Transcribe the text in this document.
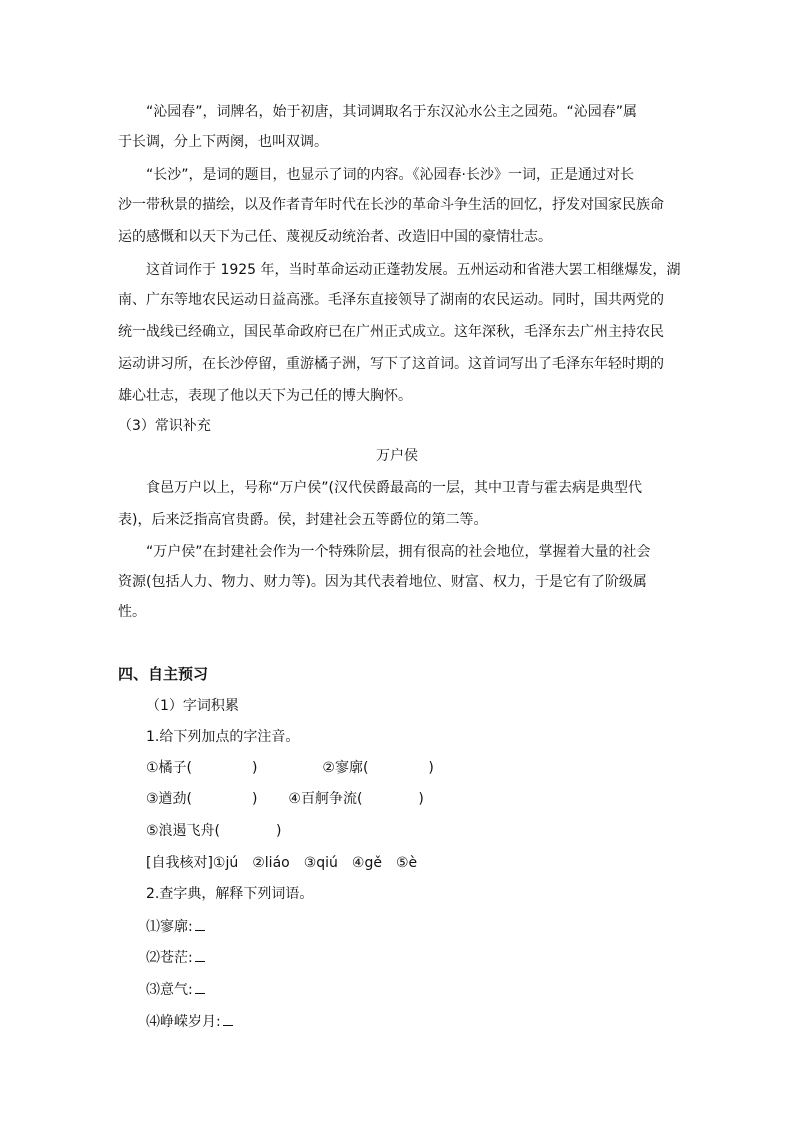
“沁园春”，词牌名，始于初唐，其词调取名于东汉沁水公主之园苑。“沁园春”属
于长调，分上下两阕，也叫双调。
“长沙”，是词的题目，也显示了词的内容。《沁园春·长沙》一词，正是通过对长
沙一带秋景的描绘，以及作者青年时代在长沙的革命斗争生活的回忆，抒发对国家民族命
运的感慨和以天下为己任、蔑视反动统治者、改造旧中国的豪情壮志。
这首词作于 1925 年，当时革命运动正蓬勃发展。五州运动和省港大罢工相继爆发，湖
南、广东等地农民运动日益高涨。毛泽东直接领导了湖南的农民运动。同时，国共两党的
统一战线已经确立，国民革命政府已在广州正式成立。这年深秋，毛泽东去广州主持农民
运动讲习所，在长沙停留，重游橘子洲，写下了这首词。这首词写出了毛泽东年轻时期的
雄心壮志，表现了他以天下为己任的博大胸怀。
（3）常识补充
万户侯
食邑万户以上，号称“万户侯”(汉代侯爵最高的一层，其中卫青与霍去病是典型代
表)，后来泛指高官贵爵。侯，封建社会五等爵位的第二等。
“万户侯”在封建社会作为一个特殊阶层，拥有很高的社会地位，掌握着大量的社会
资源(包括人力、物力、财力等)。因为其代表着地位、财富、权力，于是它有了阶级属
性。
四、自主预习
（1）字词积累
1.给下列加点的字注音。
①橘子(	)	②寥廓(	)
③遒劲(	) ④百舸争流(	)
⑤浪遏飞舟(	)
[自我核对]①jú　②liáo　③qiú　④gě　⑤è
2.查字典，解释下列词语。
⑴寥廓:
⑵苍茫:
⑶意气:
⑷峥嵘岁月:
